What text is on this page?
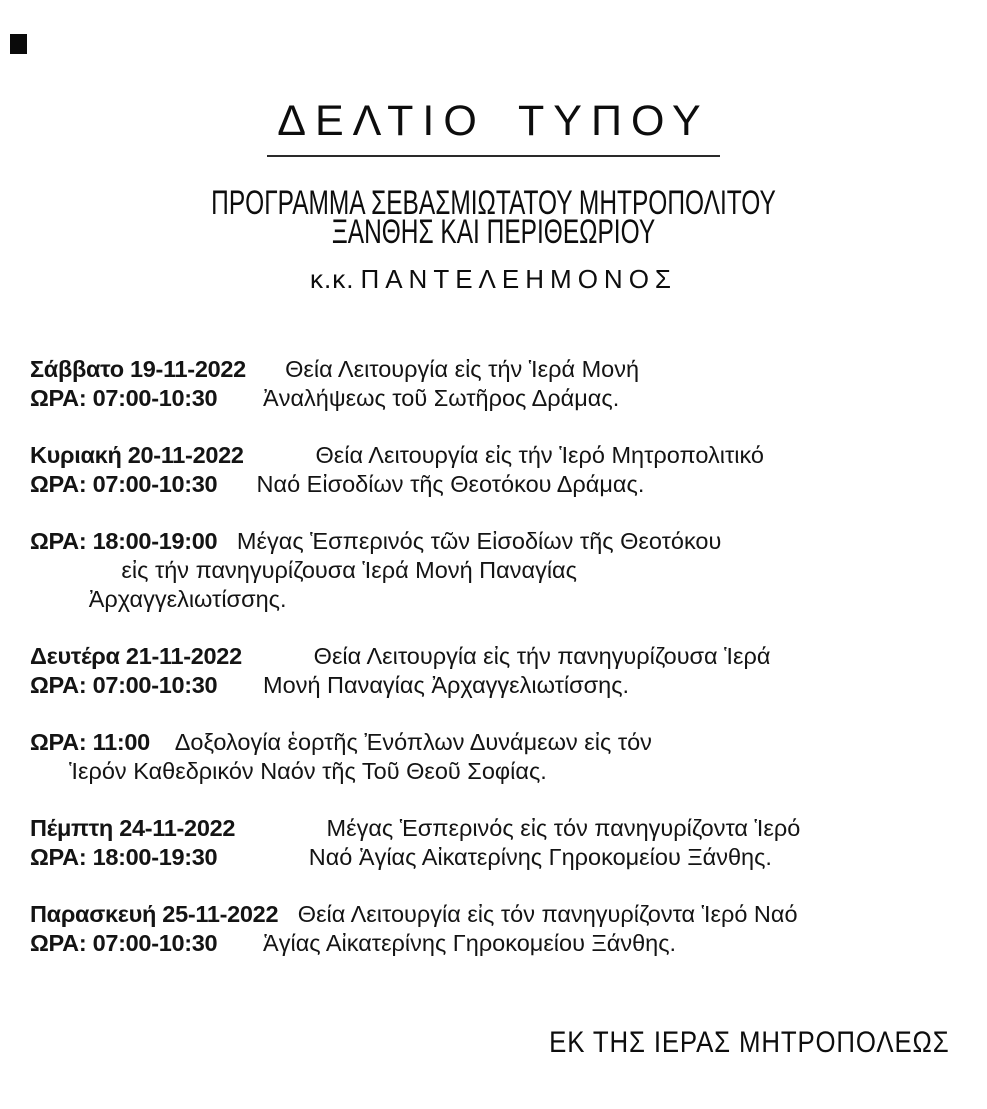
ΔΕΛΤΙΟ ΤΥΠΟΥ
ΠΡΟΓΡΑΜΜΑ ΣΕΒΑΣΜΙΩΤΑΤΟΥ ΜΗΤΡΟΠΟΛΙΤΟΥ
ΞΑΝΘΗΣ ΚΑΙ ΠΕΡΙΘΕΩΡΙΟΥ
κ.κ. ΠΑΝΤΕΛΕΗΜΟΝΟΣ
Σάββατο 19-11-2022      Θεία Λειτουργία εἰς τήν Ἱερά Μονή
ΩΡΑ: 07:00-10:30       Ἀναλήψεως τοῦ Σωτῆρος Δράμας.
Κυριακή 20-11-2022           Θεία Λειτουργία εἰς τήν Ἱερό Μητροπολιτικό
ΩΡΑ: 07:00-10:30      Ναό Εἰσοδίων τῆς Θεοτόκου Δράμας.
ΩΡΑ: 18:00-19:00   Μέγας Ἑσπερινός τῶν Εἰσοδίων τῆς Θεοτόκου
εἰς τήν πανηγυρίζουσα Ἱερά Μονή Παναγίας
Ἀρχαγγελιωτίσσης.
Δευτέρα 21-11-2022           Θεία Λειτουργία εἰς τήν πανηγυρίζουσα Ἱερά
ΩΡΑ: 07:00-10:30       Μονή Παναγίας Ἀρχαγγελιωτίσσης.
ΩΡΑ: 11:00    Δοξολογία ἑορτῆς Ἐνόπλων Δυνάμεων εἰς τόν
Ἱερόν Καθεδρικόν Ναόν τῆς Τοῦ Θεοῦ Σοφίας.
Πέμπτη 24-11-2022              Μέγας Ἑσπερινός εἰς τόν πανηγυρίζοντα Ἱερό
ΩΡΑ: 18:00-19:30              Ναό Ἁγίας Αἰκατερίνης Γηροκομείου Ξάνθης.
Παρασκευή 25-11-2022   Θεία Λειτουργία εἰς τόν πανηγυρίζοντα Ἱερό Ναό
ΩΡΑ: 07:00-10:30       Ἁγίας Αἰκατερίνης Γηροκομείου Ξάνθης.
ΕΚ ΤΗΣ ΙΕΡΑΣ ΜΗΤΡΟΠΟΛΕΩΣ
